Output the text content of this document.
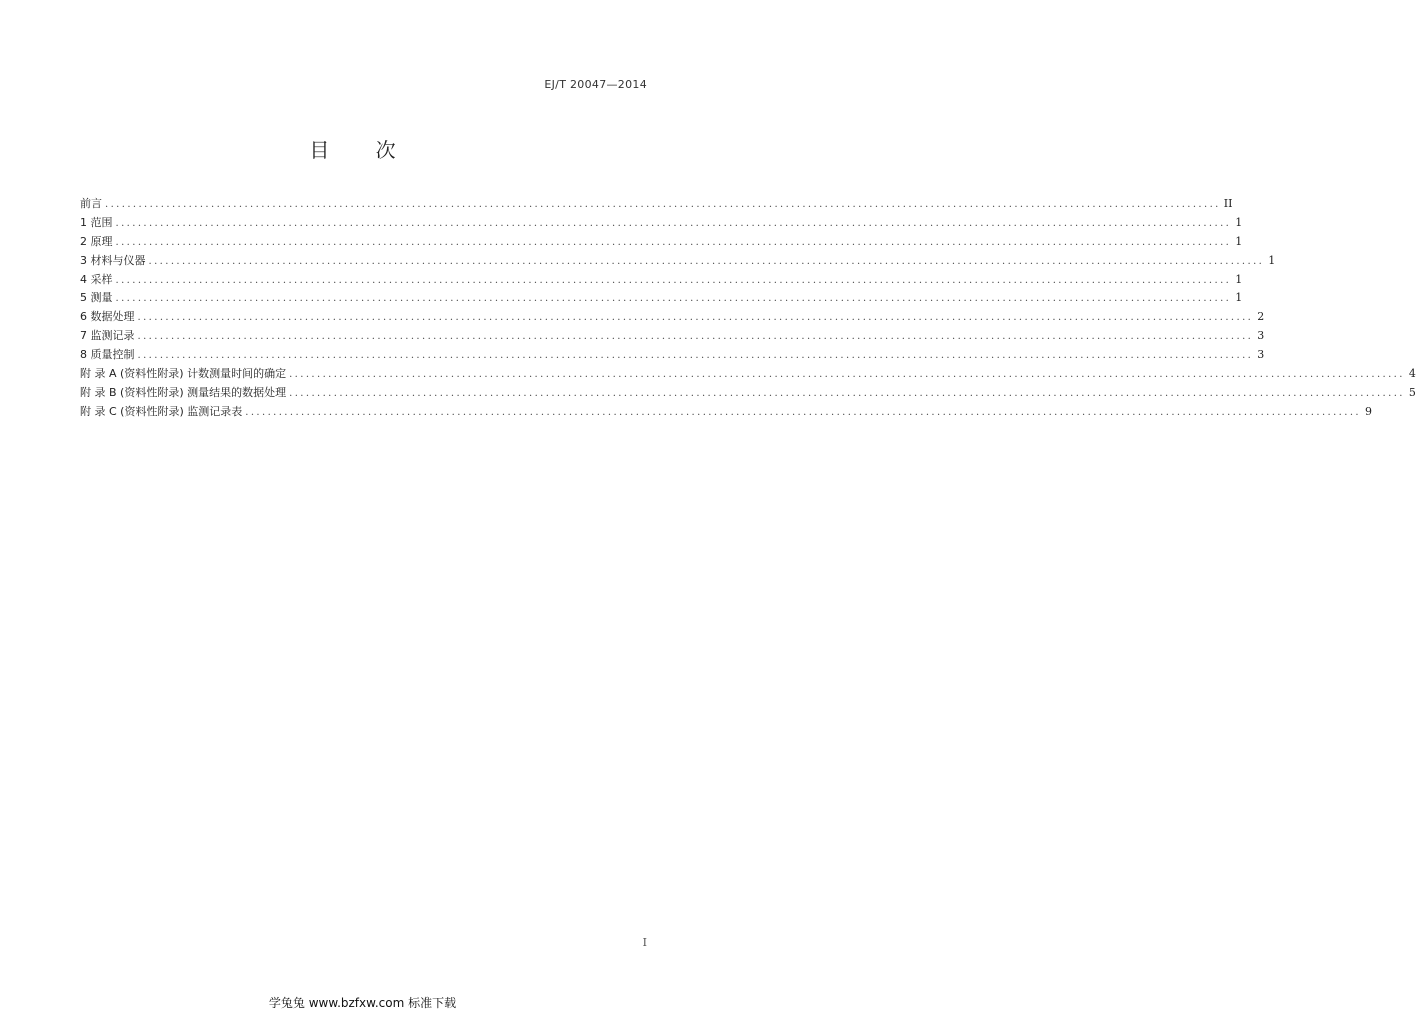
EJ/T 20047—2014
目 次
前言 ........................................................................................................................................................................................................ II
1 范围 ........................................................................................................................................................................................................ 1
2 原理 ........................................................................................................................................................................................................ 1
3 材料与仪器 ........................................................................................................................................................................................................ 1
4 采样 ........................................................................................................................................................................................................ 1
5 测量 ........................................................................................................................................................................................................ 1
6 数据处理 ........................................................................................................................................................................................................ 2
7 监测记录 ........................................................................................................................................................................................................ 3
8 质量控制 ........................................................................................................................................................................................................ 3
附 录 A (资料性附录) 计数测量时间的确定 ........................................................................................................................................................................................................ 4
附 录 B (资料性附录) 测量结果的数据处理 ........................................................................................................................................................................................................ 5
附 录 C (资料性附录) 监测记录表 ........................................................................................................................................................................................................ 9
I
学兔兔 www.bzfxw.com 标准下载
